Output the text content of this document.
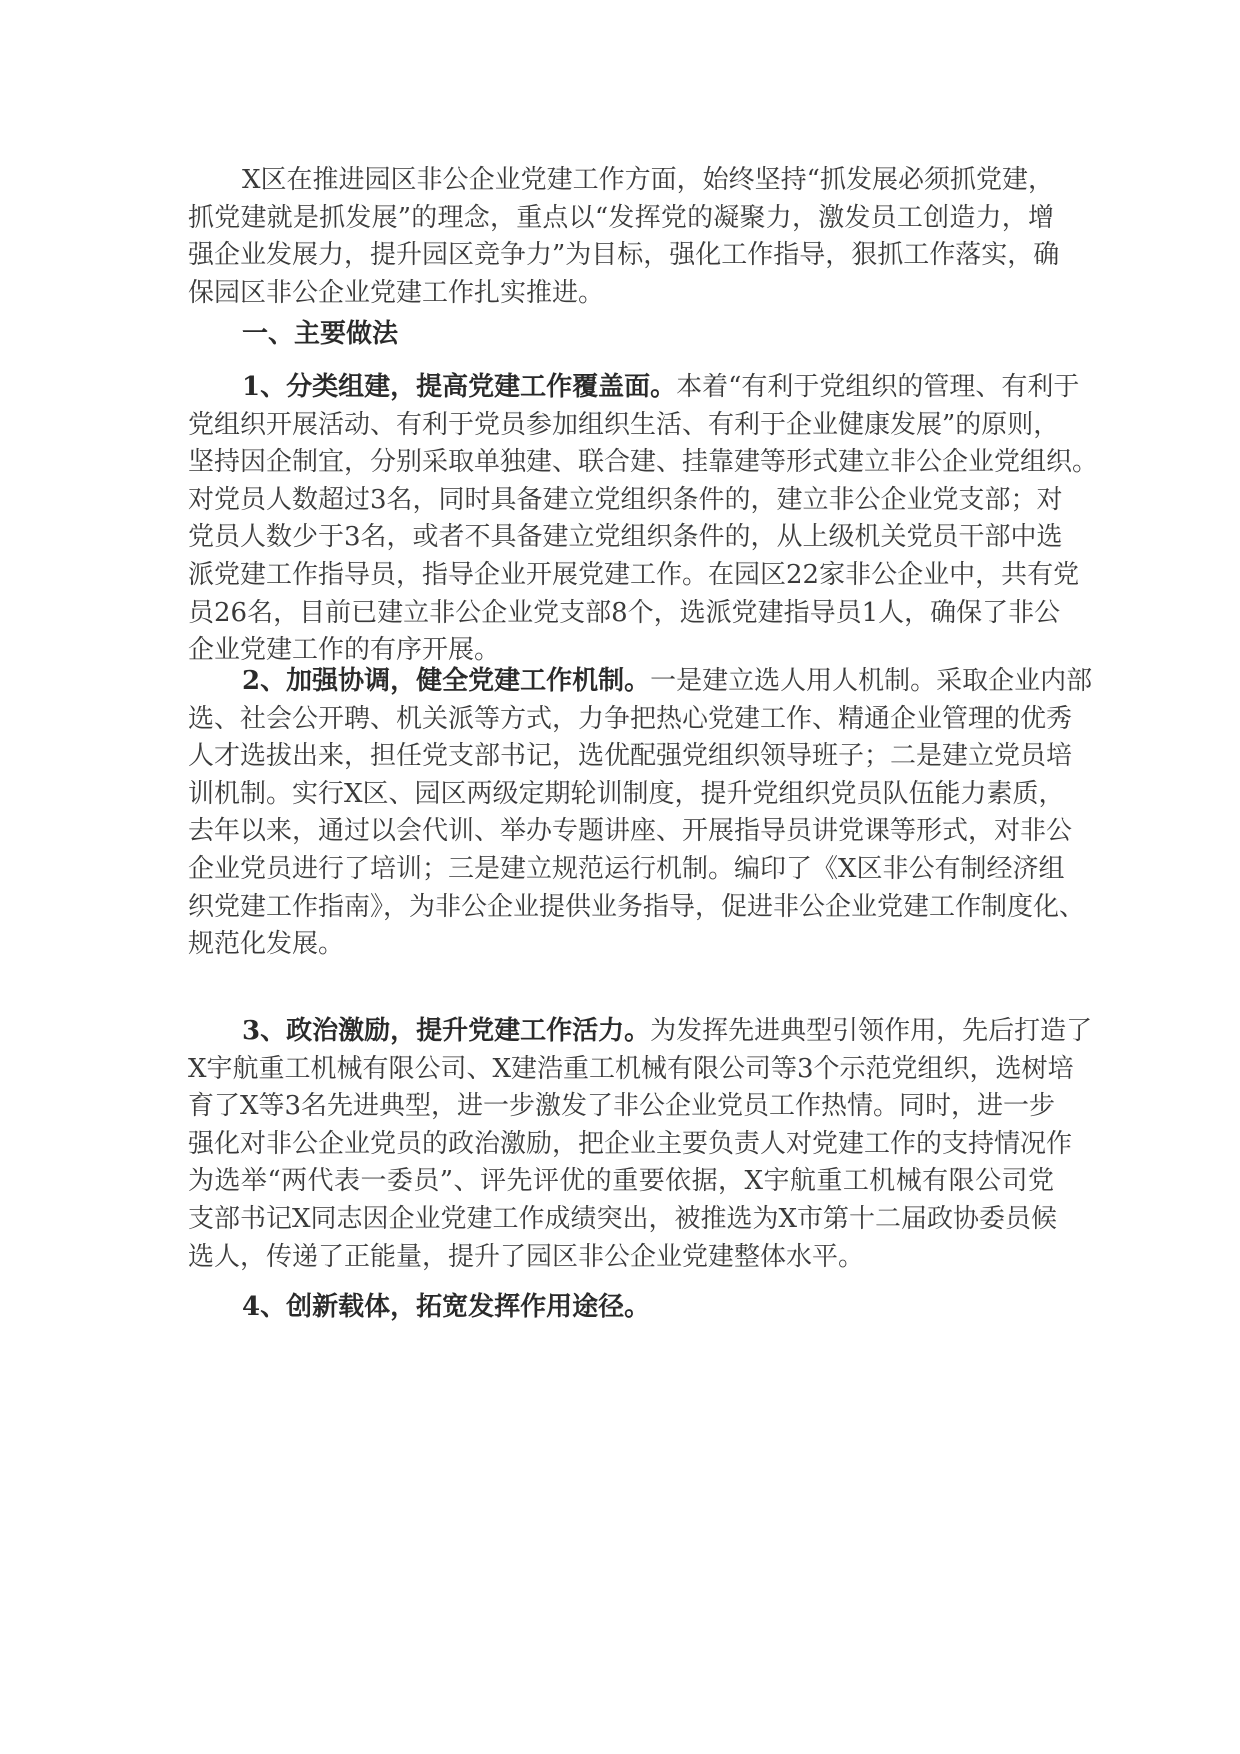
X区在推进园区非公企业党建工作方面，始终坚持“抓发展必须抓党建，
抓党建就是抓发展”的理念，重点以“发挥党的凝聚力，激发员工创造力，增
强企业发展力，提升园区竞争力”为目标，强化工作指导，狠抓工作落实，确
保园区非公企业党建工作扎实推进。
一、主要做法
1、分类组建，提高党建工作覆盖面。本着“有利于党组织的管理、有利于
党组织开展活动、有利于党员参加组织生活、有利于企业健康发展”的原则，
坚持因企制宜，分别采取单独建、联合建、挂靠建等形式建立非公企业党组织。
对党员人数超过3名，同时具备建立党组织条件的，建立非公企业党支部；对
党员人数少于3名，或者不具备建立党组织条件的，从上级机关党员干部中选
派党建工作指导员，指导企业开展党建工作。在园区22家非公企业中，共有党
员26名，目前已建立非公企业党支部8个，选派党建指导员1人，确保了非公
企业党建工作的有序开展。
2、加强协调，健全党建工作机制。一是建立选人用人机制。采取企业内部
选、社会公开聘、机关派等方式，力争把热心党建工作、精通企业管理的优秀
人才选拔出来，担任党支部书记，选优配强党组织领导班子；二是建立党员培
训机制。实行X区、园区两级定期轮训制度，提升党组织党员队伍能力素质，
去年以来，通过以会代训、举办专题讲座、开展指导员讲党课等形式，对非公
企业党员进行了培训；三是建立规范运行机制。编印了《X区非公有制经济组
织党建工作指南》，为非公企业提供业务指导，促进非公企业党建工作制度化、
规范化发展。
3、政治激励，提升党建工作活力。为发挥先进典型引领作用，先后打造了
X宇航重工机械有限公司、X建浩重工机械有限公司等3个示范党组织，选树培
育了X等3名先进典型，进一步激发了非公企业党员工作热情。同时，进一步
强化对非公企业党员的政治激励，把企业主要负责人对党建工作的支持情况作
为选举“两代表一委员”、评先评优的重要依据，X宇航重工机械有限公司党
支部书记X同志因企业党建工作成绩突出，被推选为X市第十二届政协委员候
选人，传递了正能量，提升了园区非公企业党建整体水平。
4、创新载体，拓宽发挥作用途径。
